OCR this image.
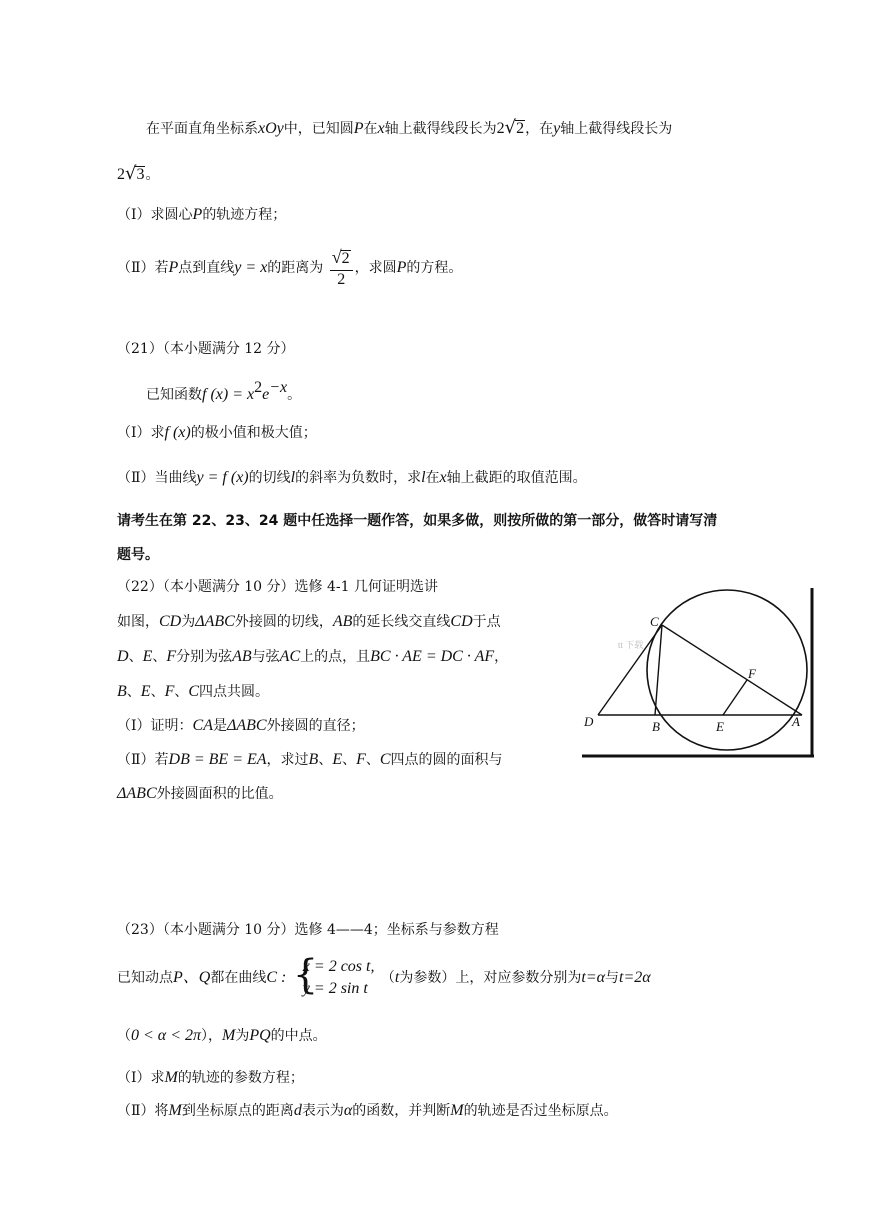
在平面直角坐标系xOy中，已知圆P在x轴上截得线段长为2√2，在y轴上截得线段长为
2√3。
（Ⅰ）求圆心P的轨迹方程；
（Ⅱ）若P点到直线y = x的距离为 $\frac{√2}{2}$ ，求圆P的方程。
（21）（本小题满分 12 分）
已知函数f $(x) = x^2e^{-x}$。
（Ⅰ）求f (x)的极小值和极大值；
（Ⅱ）当曲线y = f (x)的切线l的斜率为负数时，求l在x轴上截距的取值范围。
请考生在第 22、23、24 题中任选择一题作答，如果多做，则按所做的第一部分，做答时请写清
题号。
（22）（本小题满分 10 分）选修 4-1 几何证明选讲
如图，CD为ΔABC外接圆的切线，AB的延长线交直线CD于点
D、E、F分别为弦AB与弦AC上的点，且BC · AE = DC · AF，
B、E、F、C四点共圆。
（Ⅰ）证明：CA是ΔABC外接圆的直径；
（Ⅱ）若DB = BE = EA，求过B、E、F、C四点的圆的面积与
ΔABC外接圆面积的比值。
C
F
D	B	E	A
tt 下载
（23）（本小题满分 10 分）选修 4——4；坐标系与参数方程
已知动点P、Q都在曲线C : {
x = 2 cos t,
y = 2 sin t
（t为参数）上，对应参数分别为t=α与t=2α
（0 < α < 2π），M为PQ的中点。
（Ⅰ）求M的轨迹的参数方程；
（Ⅱ）将M到坐标原点的距离d表示为α的函数，并判断M的轨迹是否过坐标原点。
